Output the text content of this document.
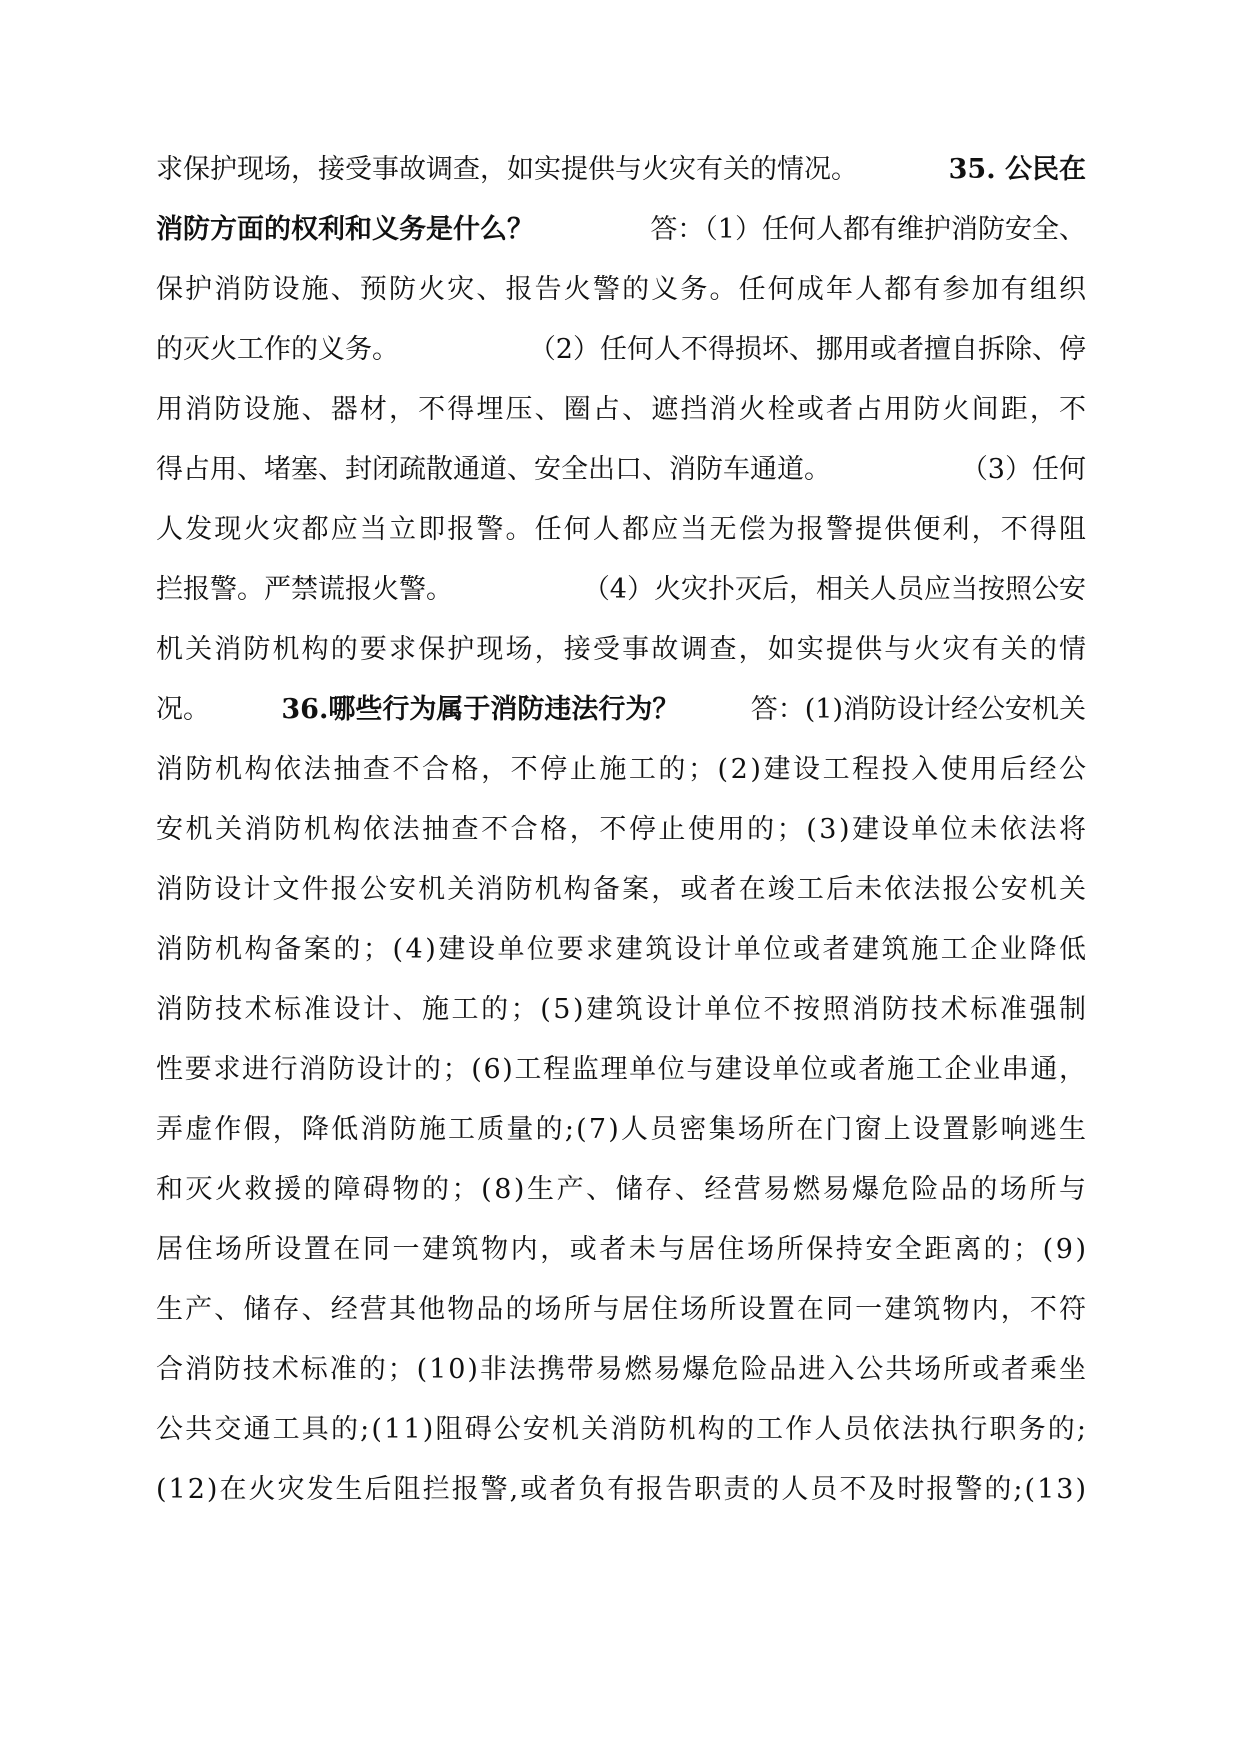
求保护现场，接受事故调查，如实提供与火灾有关的情况。	35. 公民在
消防方面的权利和义务是什么？	答：（1）任何人都有维护消防安全、
保护消防设施、预防火灾、报告火警的义务。任何成年人都有参加有组织
的灭火工作的义务。	（2）任何人不得损坏、挪用或者擅自拆除、停
用消防设施、器材，不得埋压、圈占、遮挡消火栓或者占用防火间距，不
得占用、堵塞、封闭疏散通道、安全出口、消防车通道。	（3）任何
人发现火灾都应当立即报警。任何人都应当无偿为报警提供便利，不得阻
拦报警。严禁谎报火警。	（4）火灾扑灭后，相关人员应当按照公安
机关消防机构的要求保护现场，接受事故调查，如实提供与火灾有关的情
况。	36.哪些行为属于消防违法行为？	答：(1)消防设计经公安机关
消防机构依法抽查不合格，不停止施工的；(2)建设工程投入使用后经公
安机关消防机构依法抽查不合格，不停止使用的；(3)建设单位未依法将
消防设计文件报公安机关消防机构备案，或者在竣工后未依法报公安机关
消防机构备案的；(4)建设单位要求建筑设计单位或者建筑施工企业降低
消防技术标准设计、施工的；(5)建筑设计单位不按照消防技术标准强制
性要求进行消防设计的；(6)工程监理单位与建设单位或者施工企业串通，
弄虚作假，降低消防施工质量的;(7)人员密集场所在门窗上设置影响逃生
和灭火救援的障碍物的；(8)生产、储存、经营易燃易爆危险品的场所与
居住场所设置在同一建筑物内，或者未与居住场所保持安全距离的；(9)
生产、储存、经营其他物品的场所与居住场所设置在同一建筑物内，不符
合消防技术标准的；(10)非法携带易燃易爆危险品进入公共场所或者乘坐
公共交通工具的;(11)阻碍公安机关消防机构的工作人员依法执行职务的;
(12)在火灾发生后阻拦报警,或者负有报告职责的人员不及时报警的;(13)
